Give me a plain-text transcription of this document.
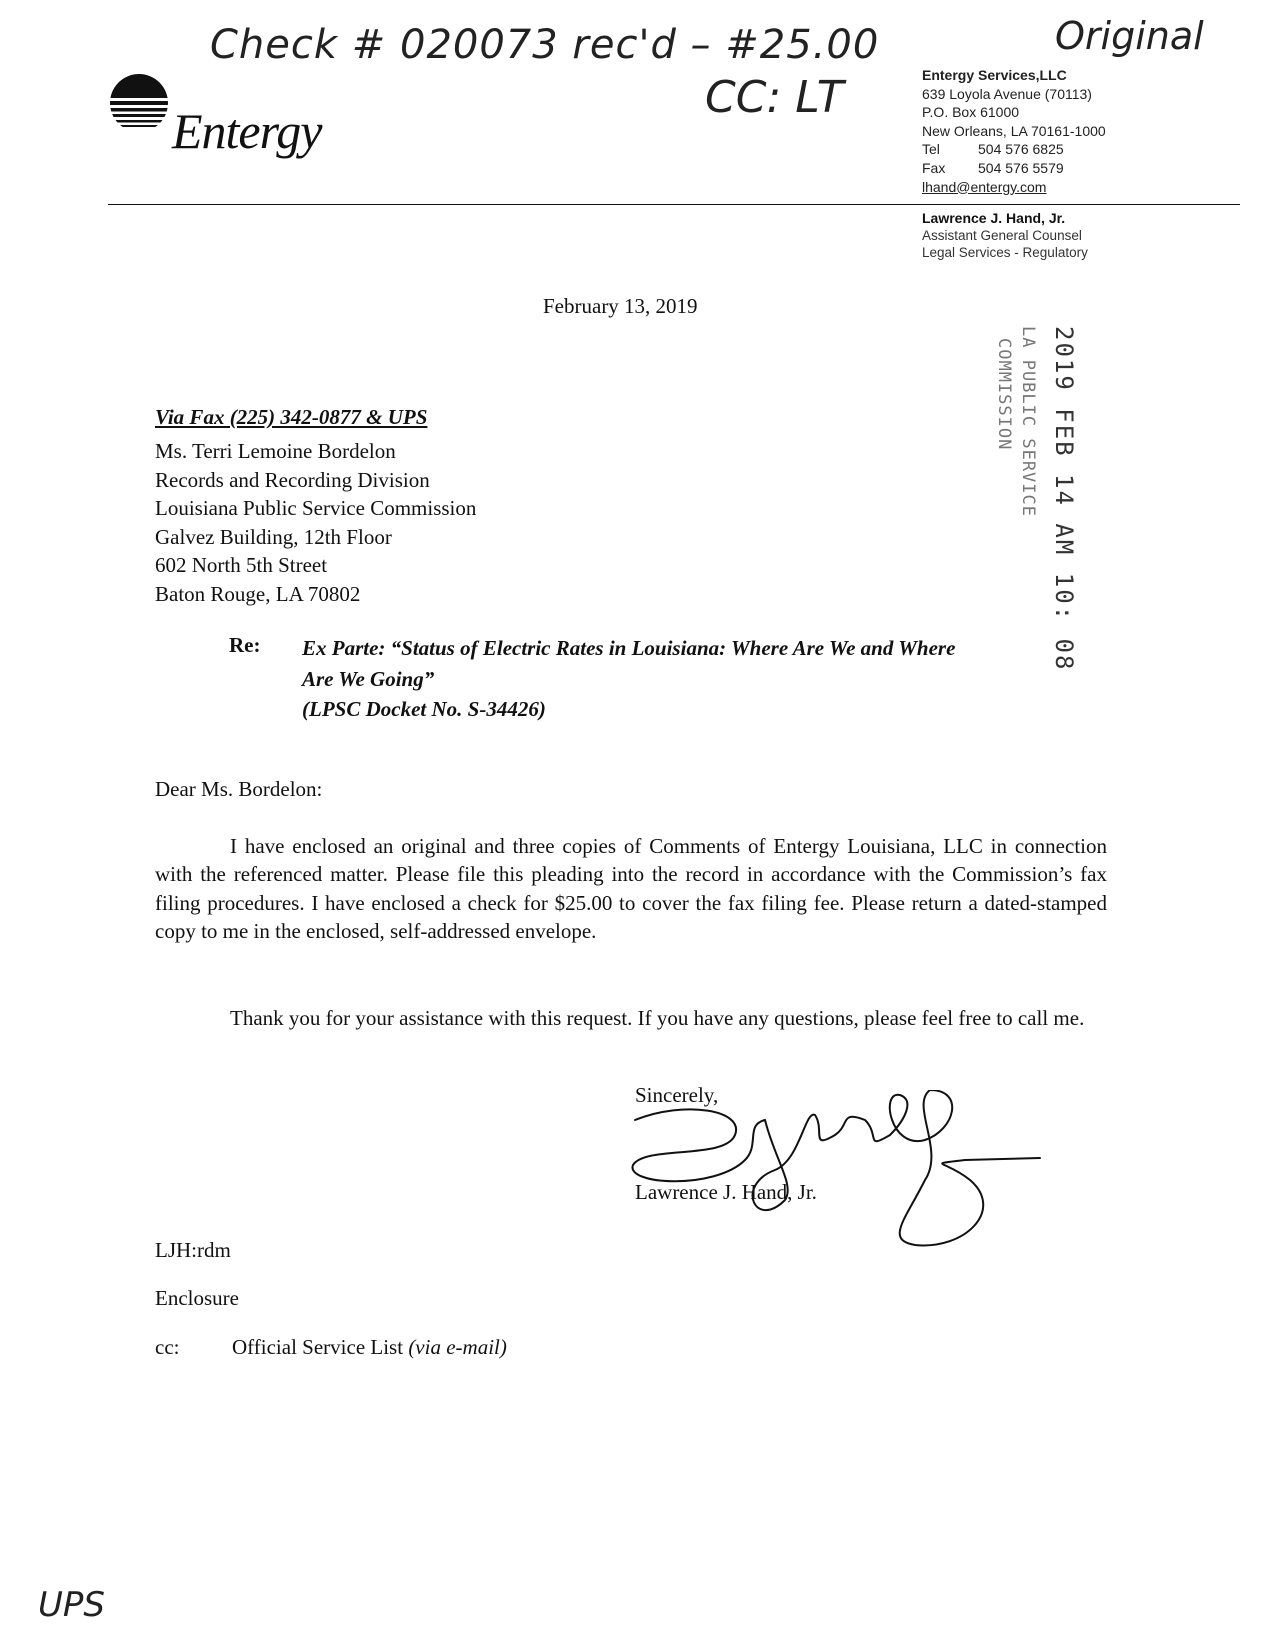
Check # 020073 rec'd – #25.00
CC: LT
Original
UPS
Entergy
Entergy Services,LLC
639 Loyola Avenue (70113)
P.O. Box 61000
New Orleans, LA 70161-1000
Tel	504 576 6825
Fax 504 576 5579
lhand@entergy.com
Lawrence J. Hand, Jr.
Assistant General Counsel
Legal Services - Regulatory
February 13, 2019
2019 FEB 14 AM 10: 08
LA PUBLIC SERVICE
COMMISSION
Via Fax (225) 342-0877 & UPS
Ms. Terri Lemoine Bordelon
Records and Recording Division
Louisiana Public Service Commission
Galvez Building, 12th Floor
602 North 5th Street
Baton Rouge, LA 70802
Re: Ex Parte: “Status of Electric Rates in Louisiana: Where Are We and Where
Are We Going”
(LPSC Docket No. S-34426)
Dear Ms. Bordelon:
I have enclosed an original and three copies of Comments of Entergy Louisiana, LLC in connection with the referenced matter. Please file this pleading into the record in accordance with the Commission’s fax filing procedures. I have enclosed a check for $25.00 to cover the fax filing fee. Please return a dated-stamped copy to me in the enclosed, self-addressed envelope.
Thank you for your assistance with this request. If you have any questions, please feel free to call me.
Sincerely,
Lawrence J. Hand, Jr.
LJH:rdm
Enclosure
cc:	Official Service List (via e-mail)
